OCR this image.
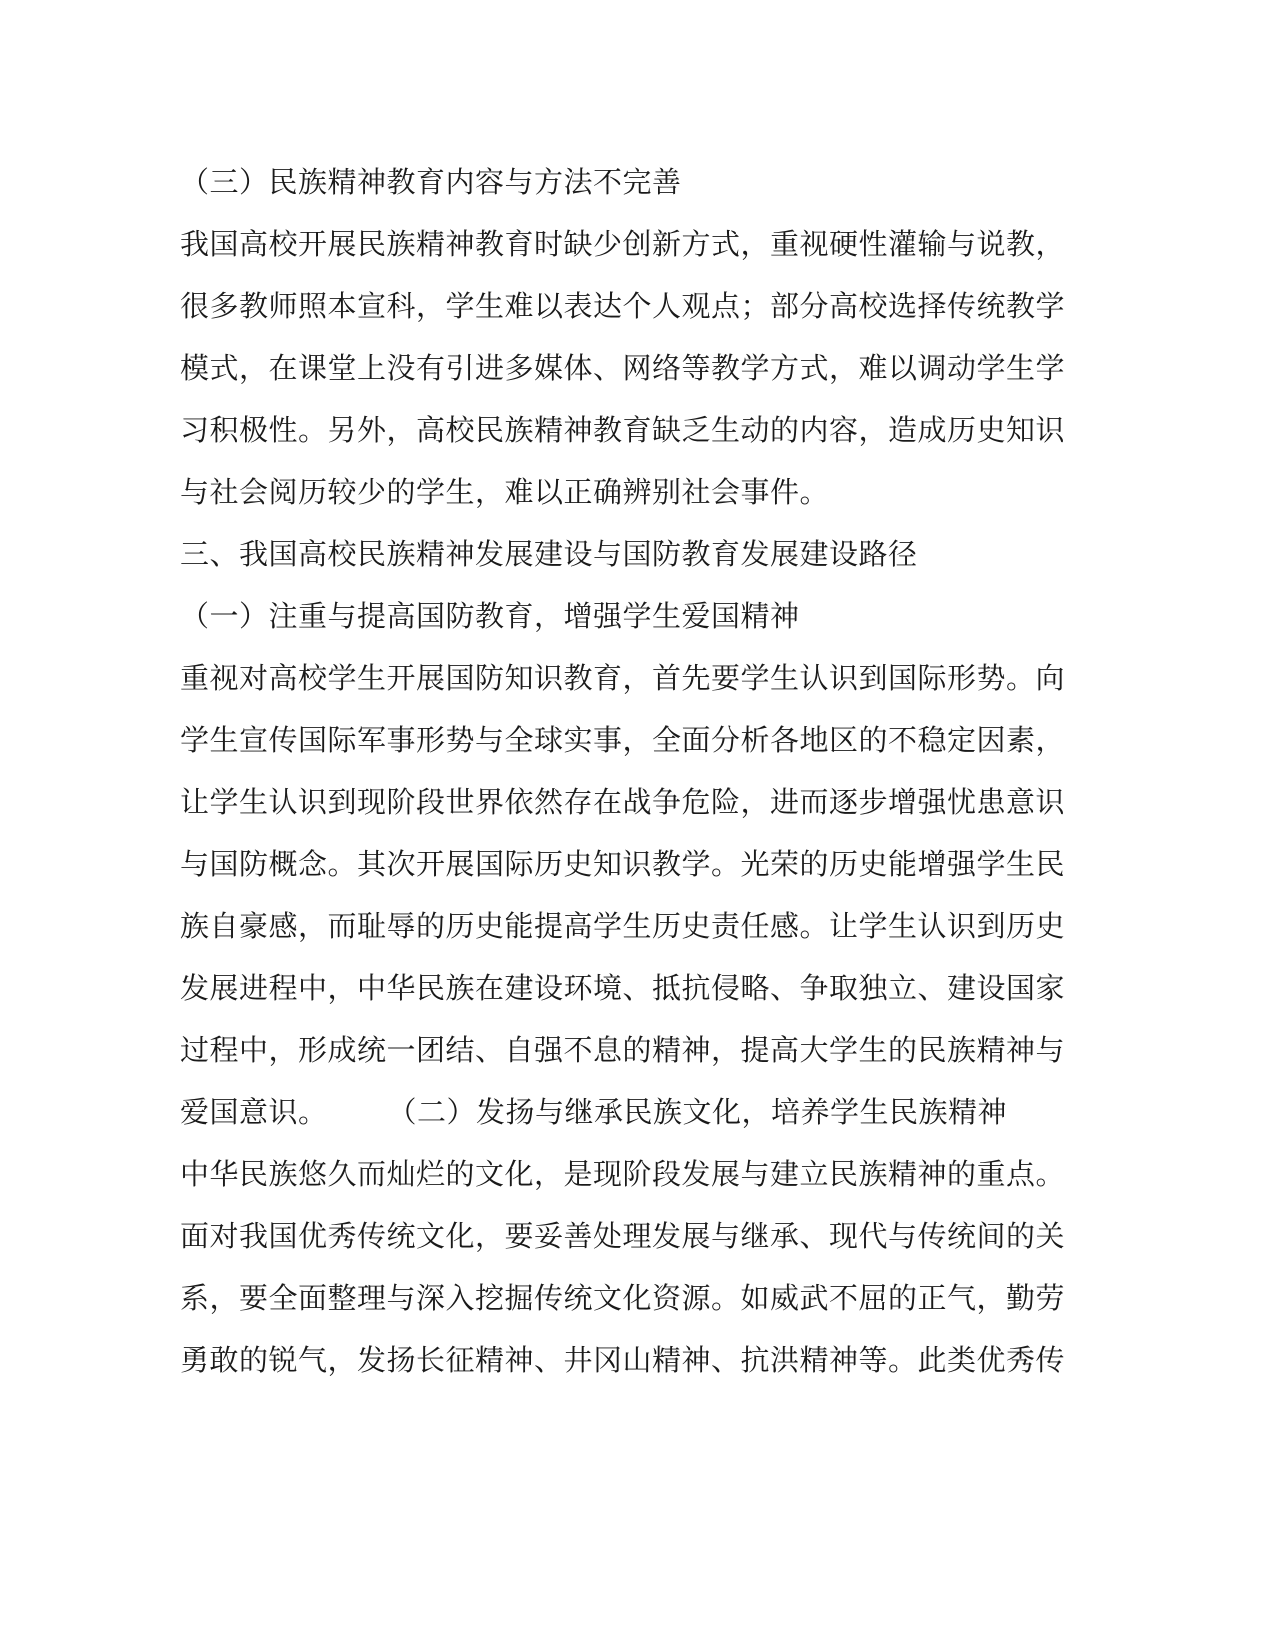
（三）民族精神教育内容与方法不完善
我国高校开展民族精神教育时缺少创新方式，重视硬性灌输与说教，
很多教师照本宣科，学生难以表达个人观点；部分高校选择传统教学
模式，在课堂上没有引进多媒体、网络等教学方式，难以调动学生学
习积极性。另外，高校民族精神教育缺乏生动的内容，造成历史知识
与社会阅历较少的学生，难以正确辨别社会事件。
三、我国高校民族精神发展建设与国防教育发展建设路径
（一）注重与提高国防教育，增强学生爱国精神
重视对高校学生开展国防知识教育，首先要学生认识到国际形势。向
学生宣传国际军事形势与全球实事，全面分析各地区的不稳定因素，
让学生认识到现阶段世界依然存在战争危险，进而逐步增强忧患意识
与国防概念。其次开展国际历史知识教学。光荣的历史能增强学生民
族自豪感，而耻辱的历史能提高学生历史责任感。让学生认识到历史
发展进程中，中华民族在建设环境、抵抗侵略、争取独立、建设国家
过程中，形成统一团结、自强不息的精神，提高大学生的民族精神与
爱国意识。 （二）发扬与继承民族文化，培养学生民族精神
中华民族悠久而灿烂的文化，是现阶段发展与建立民族精神的重点。
面对我国优秀传统文化，要妥善处理发展与继承、现代与传统间的关
系，要全面整理与深入挖掘传统文化资源。如威武不屈的正气，勤劳
勇敢的锐气，发扬长征精神、井冈山精神、抗洪精神等。此类优秀传
